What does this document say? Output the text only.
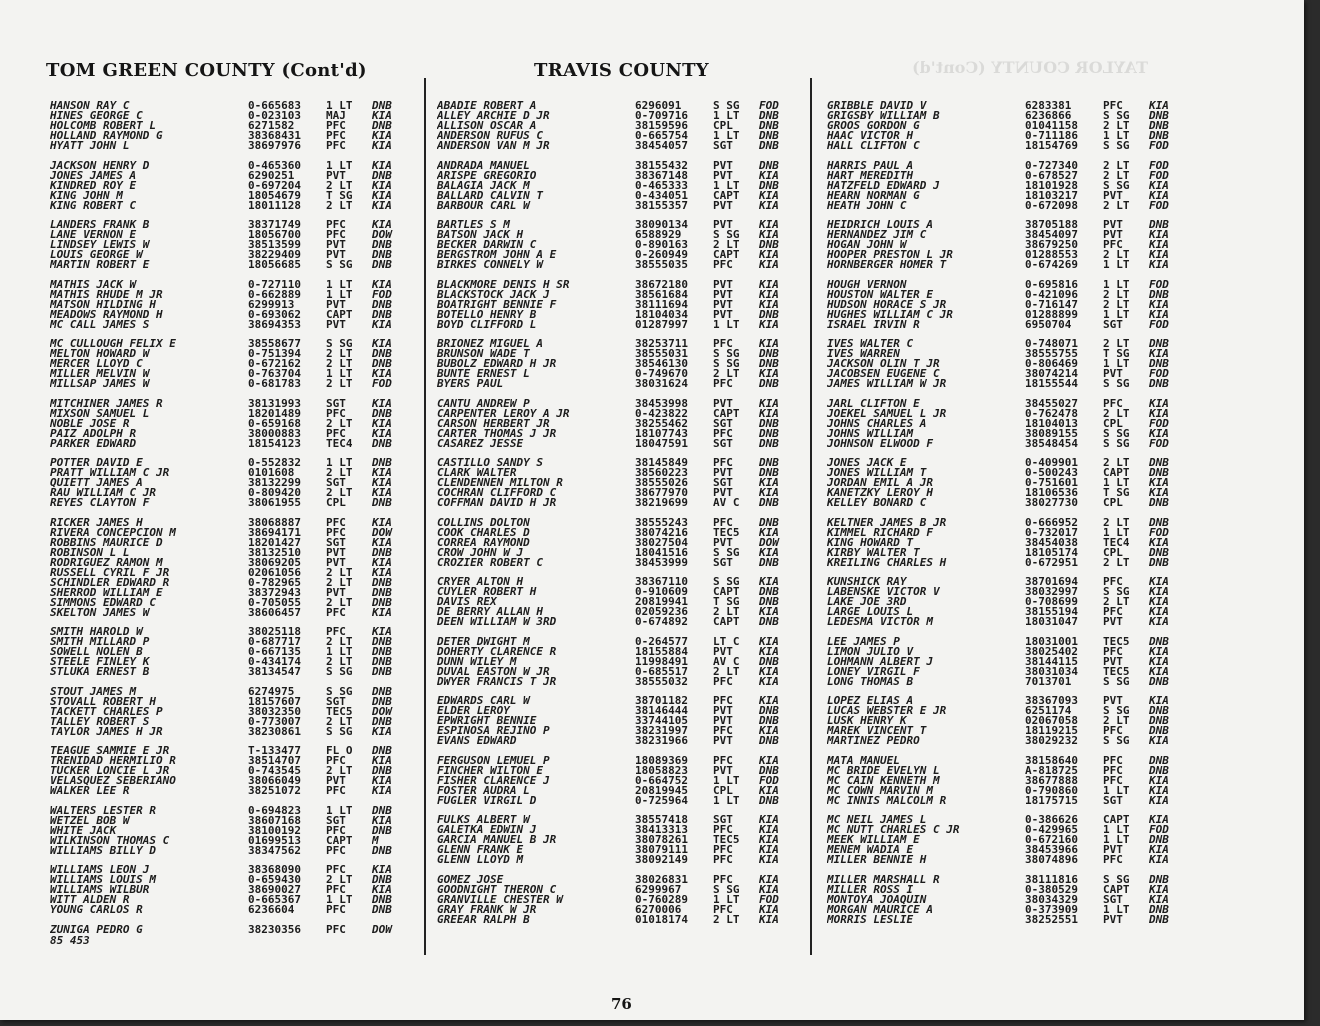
TAYLOR COUNTY (Cont'd)
TOM GREEN COUNTY (Cont'd)	TRAVIS COUNTY
HANSON RAY C	0-665683	1 LT	DNB
HINES GEORGE C	0-023103	MAJ	KIA
HOLCOMB ROBERT L	6271582	PFC	DNB
HOLLAND RAYMOND G	38368431	PFC	KIA
HYATT JOHN L	38697976	PFC	KIA
JACKSON HENRY D	0-465360	1 LT	KIA
JONES JAMES A	6290251	PVT	DNB
KINDRED ROY E	0-697204	2 LT	KIA
KING JOHN M	18054679	T SG	KIA
KING ROBERT C	18011128	2 LT	KIA
LANDERS FRANK B	38371749	PFC	KIA
LANE VERNON E	18056700	PFC	DOW
LINDSEY LEWIS W	38513599	PVT	DNB
LOUIS GEORGE W	38229409	PVT	DNB
MARTIN ROBERT E	18056685	S SG	DNB
MATHIS JACK W	0-727110	1 LT	KIA
MATHIS RHUDE M JR	0-662889	1 LT	FOD
MATSON HILDING H	6299913	PVT	DNB
MEADOWS RAYMOND H	0-693062	CAPT	DNB
MC CALL JAMES S	38694353	PVT	KIA
MC CULLOUGH FELIX E	38558677	S SG	KIA
MELTON HOWARD W	0-751394	2 LT	DNB
MERCER LLOYD C	0-672162	2 LT	DNB
MILLER MELVIN W	0-763704	1 LT	KIA
MILLSAP JAMES W	0-681783	2 LT	FOD
MITCHINER JAMES R	38131993	SGT	KIA
MIXSON SAMUEL L	18201489	PFC	DNB
NOBLE JOSE R	0-659168	2 LT	KIA
PAIZ ADOLPH R	38000883	PFC	KIA
PARKER EDWARD	18154123	TEC4	DNB
POTTER DAVID E	0-552832	1 LT	DNB
PRATT WILLIAM C JR	0101608	2 LT	KIA
QUIETT JAMES A	38132299	SGT	KIA
RAU WILLIAM C JR	0-809420	2 LT	KIA
REYES CLAYTON F	38061955	CPL	DNB
RICKER JAMES H	38068887	PFC	KIA
RIVERA CONCEPCION M	38694171	PFC	DOW
ROBBINS MAURICE D	18201427	SGT	KIA
ROBINSON L L	38132510	PVT	DNB
RODRIGUEZ RAMON M	38069205	PVT	KIA
RUSSELL CYRIL F JR	02061056	2 LT	KIA
SCHINDLER EDWARD R	0-782965	2 LT	DNB
SHERROD WILLIAM E	38372943	PVT	DNB
SIMMONS EDWARD C	0-705055	2 LT	DNB
SKELTON JAMES W	38606457	PFC	KIA
SMITH HAROLD W	38025118	PFC	KIA
SMITH MILLARD P	0-687717	2 LT	DNB
SOWELL NOLEN B	0-667135	1 LT	DNB
STEELE FINLEY K	0-434174	2 LT	DNB
STLUKA ERNEST B	38134547	S SG	DNB
STOUT JAMES M	6274975	S SG	DNB
STOVALL ROBERT H	18157607	SGT	DNB
TACKETT CHARLES P	38032350	TEC5	DOW
TALLEY ROBERT S	0-773007	2 LT	DNB
TAYLOR JAMES H JR	38230861	S SG	KIA
TEAGUE SAMMIE E JR	T-133477	FL O	DNB
TRENIDAD HERMILIO R	38514707	PFC	KIA
TUCKER LONCIE L JR	0-743545	2 LT	DNB
VELASQUEZ SEBERIANO	38066049	PVT	KIA
WALKER LEE R	38251072	PFC	KIA
WALTERS LESTER R	0-694823	1 LT	DNB
WETZEL BOB W	38607168	SGT	KIA
WHITE JACK	38100192	PFC	DNB
WILKINSON THOMAS C	01699513	CAPT	M
WILLIAMS BILLY D	38347562	PFC	DNB
WILLIAMS LEON J	38368090	PFC	KIA
WILLIAMS LOUIS M	0-659430	2 LT	DNB
WILLIAMS WILBUR	38690027	PFC	KIA
WITT ALDEN R	0-665367	1 LT	DNB
YOUNG CARLOS R	6236604	PFC	DNB
ZUNIGA PEDRO G	38230356	PFC	DOW
85 453
ABADIE ROBERT A	6296091	S SG	FOD
ALLEY ARCHIE D JR	0-709716	1 LT	DNB
ALLISON OSCAR A	38159596	CPL	DNB
ANDERSON RUFUS C	0-665754	1 LT	DNB
ANDERSON VAN M JR	38454057	SGT	DNB
ANDRADA MANUEL	38155432	PVT	DNB
ARISPE GREGORIO	38367148	PVT	KIA
BALAGIA JACK M	0-465333	1 LT	DNB
BALLARD CALVIN T	0-434051	CAPT	KIA
BARBOUR CARL W	38155357	PVT	KIA
BARTLES S M	38090134	PVT	KIA
BATSON JACK H	6588929	S SG	KIA
BECKER DARWIN C	0-890163	2 LT	DNB
BERGSTROM JOHN A E	0-260949	CAPT	KIA
BIRKES CONNELY W	38555035	PFC	KIA
BLACKMORE DENIS H SR	38672180	PVT	KIA
BLACKSTOCK JACK J	38561684	PVT	KIA
BOATRIGHT BENNIE F	38111694	PVT	KIA
BOTELLO HENRY B	18104034	PVT	DNB
BOYD CLIFFORD L	01287997	1 LT	KIA
BRIONEZ MIGUEL A	38253711	PFC	KIA
BRUNSON WADE T	38555031	S SG	DNB
BUBOLZ EDWARD H JR	38546130	S SG	DNB
BUNTE ERNEST L	0-749670	2 LT	KIA
BYERS PAUL	38031624	PFC	DNB
CANTU ANDREW P	38453998	PVT	KIA
CARPENTER LEROY A JR	0-423822	CAPT	KIA
CARSON HERBERT JR	38255462	SGT	DNB
CARTER THOMAS J JR	18107743	PFC	DNB
CASAREZ JESSE	18047591	SGT	DNB
CASTILLO SANDY S	38145849	PFC	DNB
CLARK WALTER	38560223	PVT	DNB
CLENDENNEN MILTON R	38555026	SGT	KIA
COCHRAN CLIFFORD C	38677970	PVT	KIA
COFFMAN DAVID H JR	38219699	AV C	DNB
COLLINS DOLTON	38555243	PFC	DNB
COOK CHARLES D	38074216	TEC5	KIA
CORREA RAYMOND	38027504	PVT	DOW
CROW JOHN W J	18041516	S SG	KIA
CROZIER ROBERT C	38453999	SGT	DNB
CRYER ALTON H	38367110	S SG	KIA
CUYLER ROBERT H	0-910609	CAPT	DNB
DAVIS REX	20819941	T SG	DNB
DE BERRY ALLAN H	02059236	2 LT	KIA
DEEN WILLIAM W 3RD	0-674892	CAPT	DNB
DETER DWIGHT M	0-264577	LT C	KIA
DOHERTY CLARENCE R	18155884	PVT	KIA
DUNN WILEY M	11998491	AV C	DNB
DUVAL EASTON W JR	0-685517	2 LT	KIA
DWYER FRANCIS T JR	38555032	PFC	KIA
EDWARDS CARL W	38701182	PFC	KIA
ELDER LEROY	38146444	PVT	DNB
EPWRIGHT BENNIE	33744105	PVT	DNB
ESPINOSA REJINO P	38231997	PFC	KIA
EVANS EDWARD	38231966	PVT	DNB
FERGUSON LEMUEL P	18089369	PFC	KIA
FINCHER WILTON E	18058823	PVT	DNB
FISHER CLARENCE J	0-664752	1 LT	FOD
FOSTER AUDRA L	20819945	CPL	KIA
FUGLER VIRGIL D	0-725964	1 LT	DNB
FULKS ALBERT W	38557418	SGT	KIA
GALETKA EDWIN J	38413313	PFC	KIA
GARCIA MANUEL B JR	38078261	TEC5	KIA
GLENN FRANK E	38079111	PFC	KIA
GLENN LLOYD M	38092149	PFC	KIA
GOMEZ JOSE	38026831	PFC	KIA
GOODNIGHT THERON C	6299967	S SG	KIA
GRANVILLE CHESTER W	0-760289	1 LT	FOD
GRAY FRANK W JR	6270006	PFC	KIA
GREEAR RALPH B	01018174	2 LT	KIA
GRIBBLE DAVID V	6283381	PFC	KIA
GRIGSBY WILLIAM B	6236866	S SG	DNB
GROOS GORDON G	01041158	2 LT	DNB
HAAC VICTOR H	0-711186	1 LT	DNB
HALL CLIFTON C	18154769	S SG	FOD
HARRIS PAUL A	0-727340	2 LT	FOD
HART MEREDITH	0-678527	2 LT	FOD
HATZFELD EDWARD J	18101928	S SG	KIA
HEARN NORMAN G	18103217	PVT	KIA
HEATH JOHN C	0-672098	2 LT	FOD
HEIDRICH LOUIS A	38705188	PVT	DNB
HERNANDEZ JIM C	38454097	PVT	KIA
HOGAN JOHN W	38679250	PFC	KIA
HOOPER PRESTON L JR	01288553	2 LT	KIA
HORNBERGER HOMER T	0-674269	1 LT	KIA
HOUGH VERNON	0-695816	1 LT	FOD
HOUSTON WALTER E	0-421096	2 LT	DNB
HUDSON HORACE S JR	0-716147	2 LT	KIA
HUGHES WILLIAM C JR	01288899	1 LT	KIA
ISRAEL IRVIN R	6950704	SGT	FOD
IVES WALTER C	0-748071	2 LT	DNB
IVES WARREN	38555755	T SG	KIA
JACKSON OLIN T JR	0-806469	1 LT	DNB
JACOBSEN EUGENE C	38074214	PVT	FOD
JAMES WILLIAM W JR	18155544	S SG	DNB
JARL CLIFTON E	38455027	PFC	KIA
JOEKEL SAMUEL L JR	0-762478	2 LT	KIA
JOHNS CHARLES A	18104013	CPL	FOD
JOHNS WILLIAM	38089155	S SG	KIA
JOHNSON ELWOOD F	38548454	S SG	FOD
JONES JACK E	0-409901	2 LT	DNB
JONES WILLIAM T	0-500243	CAPT	DNB
JORDAN EMIL A JR	0-751601	1 LT	KIA
KANETZKY LEROY H	18106536	T SG	KIA
KELLEY BONARD C	38027730	CPL	DNB
KELTNER JAMES B JR	0-666952	2 LT	DNB
KIMMEL RICHARD F	0-732017	1 LT	FOD
KING HOWARD T	38454038	TEC4	KIA
KIRBY WALTER T	18105174	CPL	DNB
KREILING CHARLES H	0-672951	2 LT	DNB
KUNSHICK RAY	38701694	PFC	KIA
LABENSKE VICTOR V	38032997	S SG	KIA
LAKE JOE 3RD	0-708699	2 LT	KIA
LARGE LOUIS L	38155194	PFC	KIA
LEDESMA VICTOR M	18031047	PVT	KIA
LEE JAMES P	18031001	TEC5	DNB
LIMON JULIO V	38025402	PFC	KIA
LOHMANN ALBERT J	38144115	PVT	KIA
LONEY VIRGIL F	38031034	TEC5	KIA
LONG THOMAS B	7013701	S SG	DNB
LOPEZ ELIAS A	38367093	PVT	KIA
LUCAS WEBSTER E JR	6251174	S SG	DNB
LUSK HENRY K	02067058	2 LT	DNB
MAREK VINCENT T	18119215	PFC	DNB
MARTINEZ PEDRO	38029232	S SG	KIA
MATA MANUEL	38158640	PFC	DNB
MC BRIDE EVELYN L	A-818725	PFC	DNB
MC CAIN KENNETH M	38677888	PFC	KIA
MC COWN MARVIN M	0-790860	1 LT	KIA
MC INNIS MALCOLM R	18175715	SGT	KIA
MC NEIL JAMES L	0-386626	CAPT	KIA
MC NUTT CHARLES C JR	0-429965	1 LT	FOD
MEEK WILLIAM E	0-672160	1 LT	DNB
MENEM WADIA E	38453966	PVT	KIA
MILLER BENNIE H	38074896	PFC	KIA
MILLER MARSHALL R	38111816	S SG	DNB
MILLER ROSS I	0-380529	CAPT	KIA
MONTOYA JOAQUIN	38034329	SGT	KIA
MORGAN MAURICE A	0-373909	1 LT	DNB
MORRIS LESLIE	38252551	PVT	DNB
76
